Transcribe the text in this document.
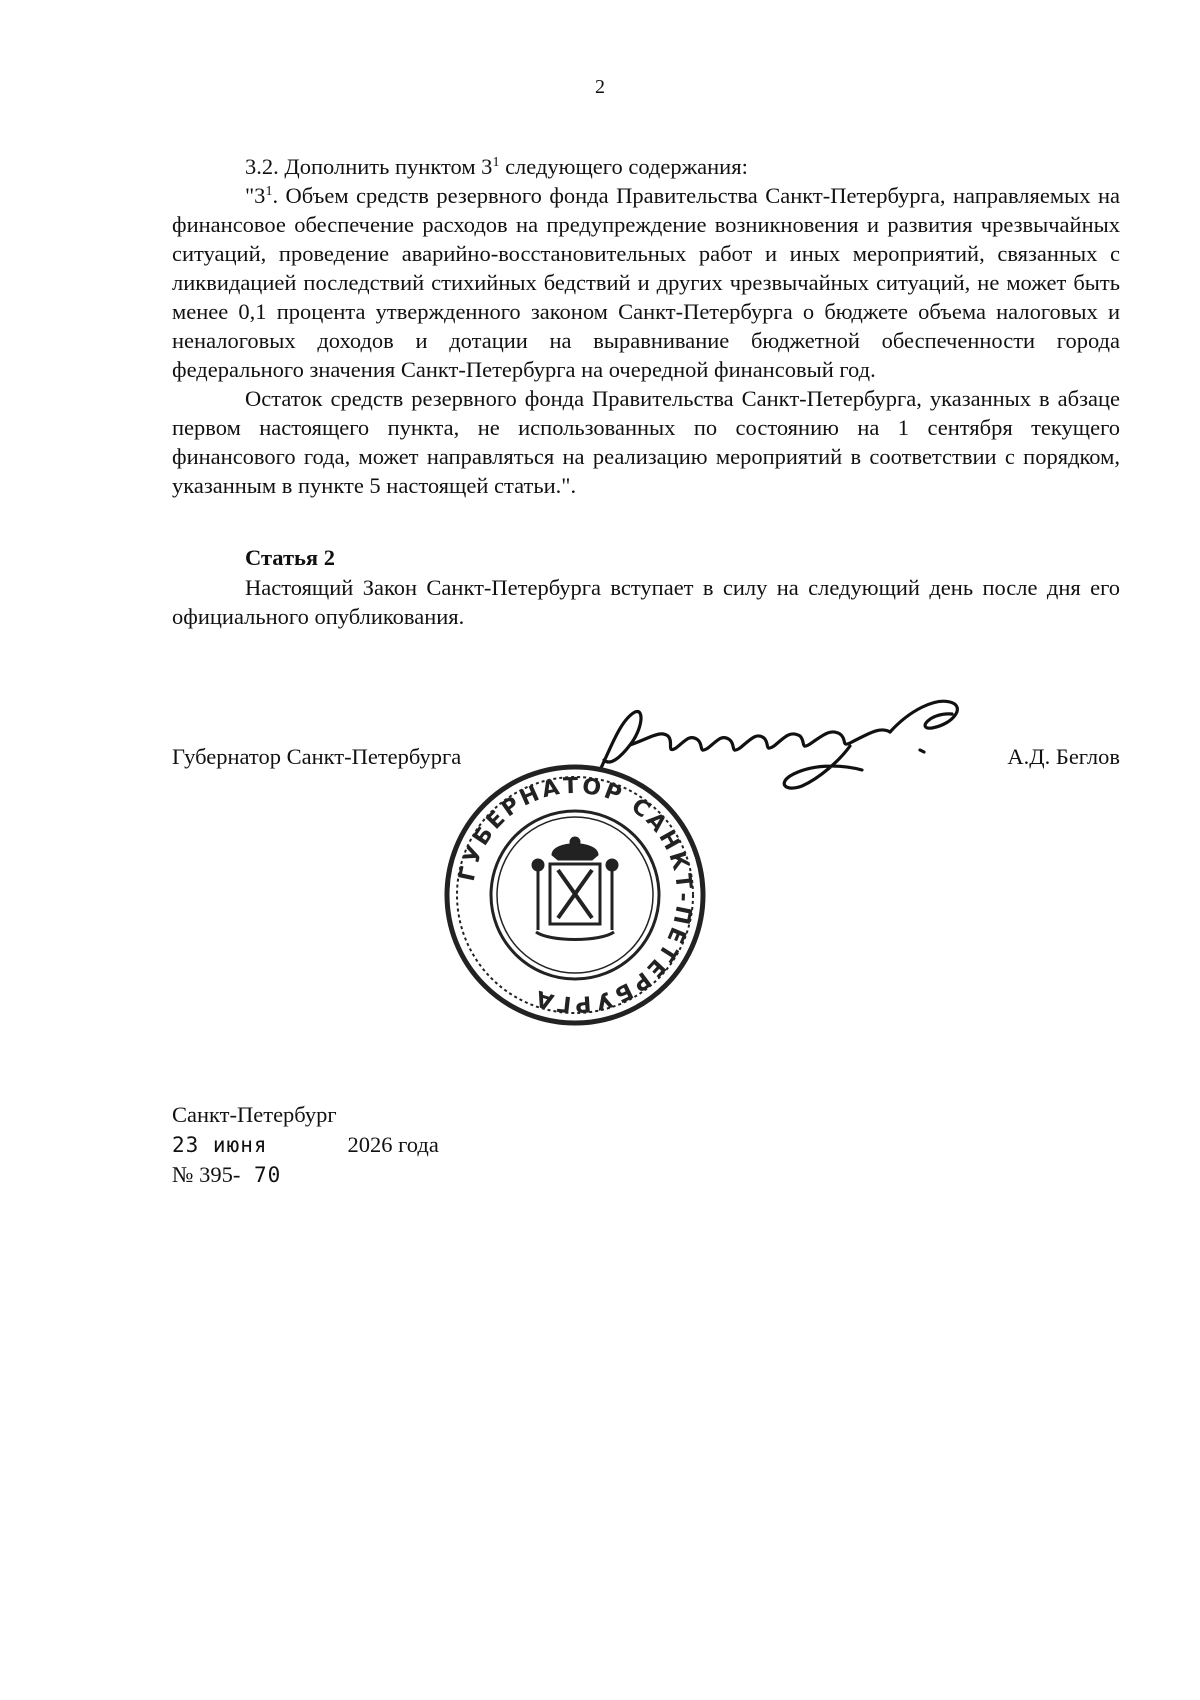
2

3.2. Дополнить пунктом $3^1$ следующего содержания:

"$3^1$. Объем средств резервного фонда Правительства Санкт-Петербурга, направляемых на финансовое обеспечение расходов на предупреждение возникновения и развития чрезвычайных ситуаций, проведение аварийно-восстановительных работ и иных мероприятий, связанных с ликвидацией последствий стихийных бедствий и других чрезвычайных ситуаций, не может быть менее 0,1 процента утвержденного законом Санкт-Петербурга о бюджете объема налоговых и неналоговых доходов и дотации на выравнивание бюджетной обеспеченности города федерального значения Санкт-Петербурга на очередной финансовый год.

Остаток средств резервного фонда Правительства Санкт-Петербурга, указанных в абзаце первом настоящего пункта, не использованных по состоянию на 1 сентября текущего финансового года, может направляться на реализацию мероприятий в соответствии с порядком, указанным в пункте 5 настоящей статьи.".

Статья 2

Настоящий Закон Санкт-Петербурга вступает в силу на следующий день после дня его официального опубликования.

Губернатор Санкт-Петербурга	А.Д. Беглов
ГУБЕРНАТОР САНКТ-ПЕТЕРБУРГА
Санкт-Петербург
23 июня	2026 года
№ 395- 70
